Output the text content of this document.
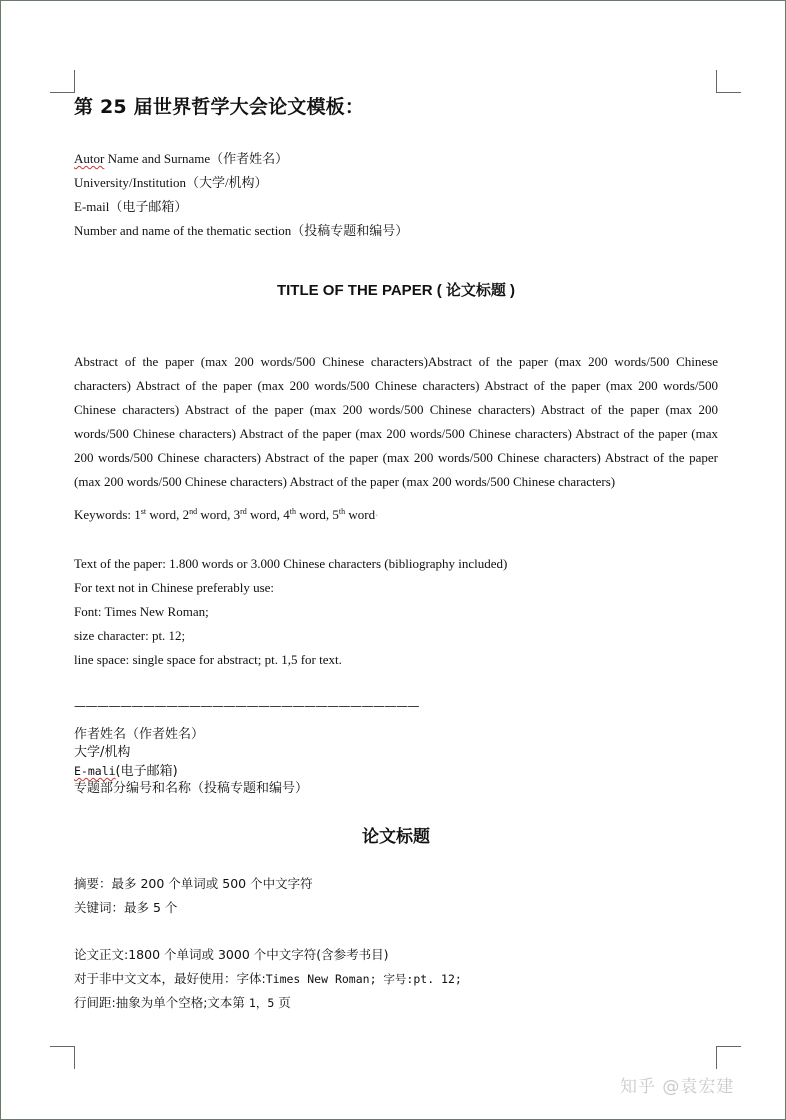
第 25 届世界哲学大会论文模板：
Autor Name and Surname（作者姓名）
University/Institution（大学/机构）
E-mail（电子邮箱）
Number and name of the thematic section（投稿专题和编号）
TITLE OF THE PAPER ( 论文标题 )
Abstract of the paper (max 200 words/500 Chinese characters)Abstract of the paper (max 200 words/500 Chinese characters) Abstract of the paper (max 200 words/500 Chinese characters) Abstract of the paper (max 200 words/500 Chinese characters) Abstract of the paper (max 200 words/500 Chinese characters) Abstract of the paper (max 200 words/500 Chinese characters) Abstract of the paper (max 200 words/500 Chinese characters) Abstract of the paper (max 200 words/500 Chinese characters) Abstract of the paper (max 200 words/500 Chinese characters) Abstract of the paper (max 200 words/500 Chinese characters) Abstract of the paper (max 200 words/500 Chinese characters)
Keywords: 1st word, 2nd word, 3rd word, 4th word, 5th word·
Text of the paper: 1.800 words or 3.000 Chinese characters (bibliography included)
For text not in Chinese preferably use:
Font: Times New Roman;
size character: pt. 12;
line space: single space for abstract; pt. 1,5 for text.
——————————————————————————————
作者姓名（作者姓名）
大学/机构
E-mali(电子邮箱)
专题部分编号和名称（投稿专题和编号）
论文标题
摘要：最多 200 个单词或 500 个中文字符
关键词：最多 5 个
论文正文:1800 个单词或 3000 个中文字符(含参考书目)
对于非中文文本，最好使用：字体:Times New Roman; 字号:pt. 12;
行间距:抽象为单个空格;文本第 1，5 页
知乎 @袁宏建
